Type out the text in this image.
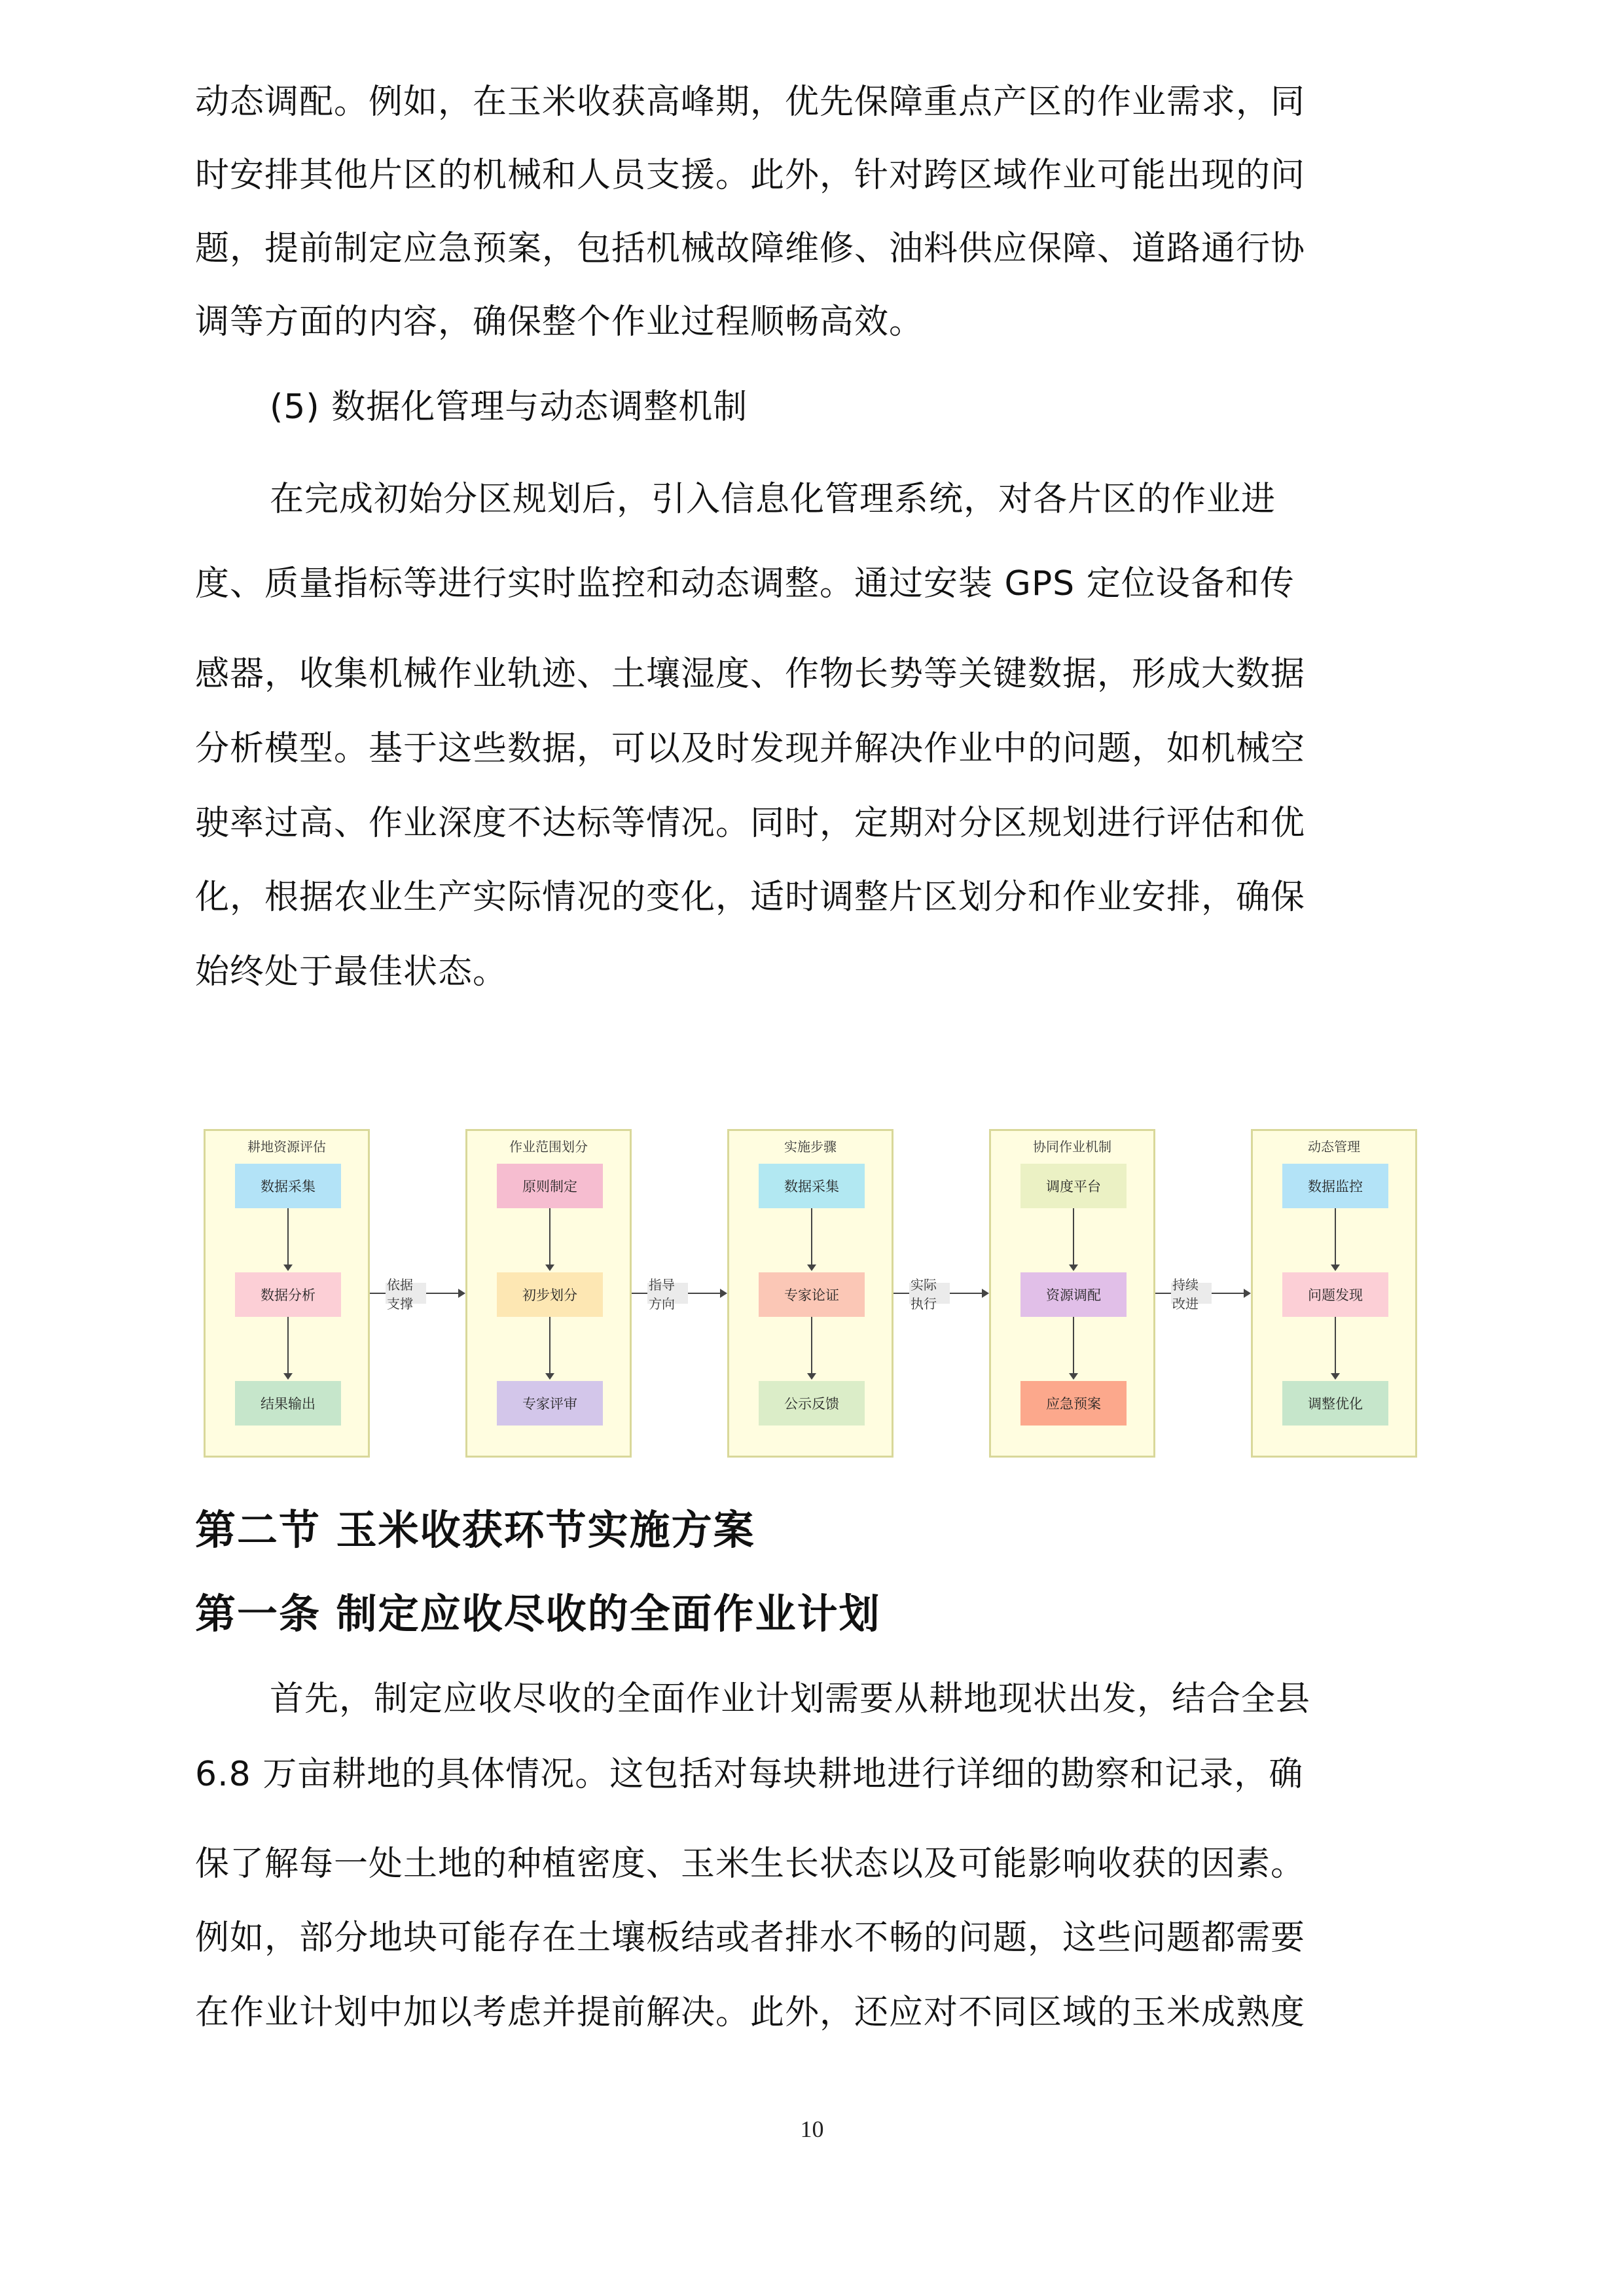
动态调配。例如，在玉米收获高峰期，优先保障重点产区的作业需求，同
时安排其他片区的机械和人员支援。此外，针对跨区域作业可能出现的问
题，提前制定应急预案，包括机械故障维修、油料供应保障、道路通行协
调等方面的内容，确保整个作业过程顺畅高效。
(5) 数据化管理与动态调整机制
在完成初始分区规划后，引入信息化管理系统，对各片区的作业进
度、质量指标等进行实时监控和动态调整。通过安装 GPS 定位设备和传
感器，收集机械作业轨迹、土壤湿度、作物长势等关键数据，形成大数据
分析模型。基于这些数据，可以及时发现并解决作业中的问题，如机械空
驶率过高、作业深度不达标等情况。同时，定期对分区规划进行评估和优
化，根据农业生产实际情况的变化，适时调整片区划分和作业安排，确保
始终处于最佳状态。
耕地资源评估
数据采集
数据分析
结果输出
依据支撑
作业范围划分
原则制定
初步划分
专家评审
指导方向
实施步骤
数据采集
专家论证
公示反馈
实际执行
协同作业机制
调度平台
资源调配
应急预案
持续改进
动态管理
数据监控
问题发现
调整优化
第二节 玉米收获环节实施方案
第一条 制定应收尽收的全面作业计划
首先，制定应收尽收的全面作业计划需要从耕地现状出发，结合全县
6.8 万亩耕地的具体情况。这包括对每块耕地进行详细的勘察和记录，确
保了解每一处土地的种植密度、玉米生长状态以及可能影响收获的因素。
例如，部分地块可能存在土壤板结或者排水不畅的问题，这些问题都需要
在作业计划中加以考虑并提前解决。此外，还应对不同区域的玉米成熟度
10
